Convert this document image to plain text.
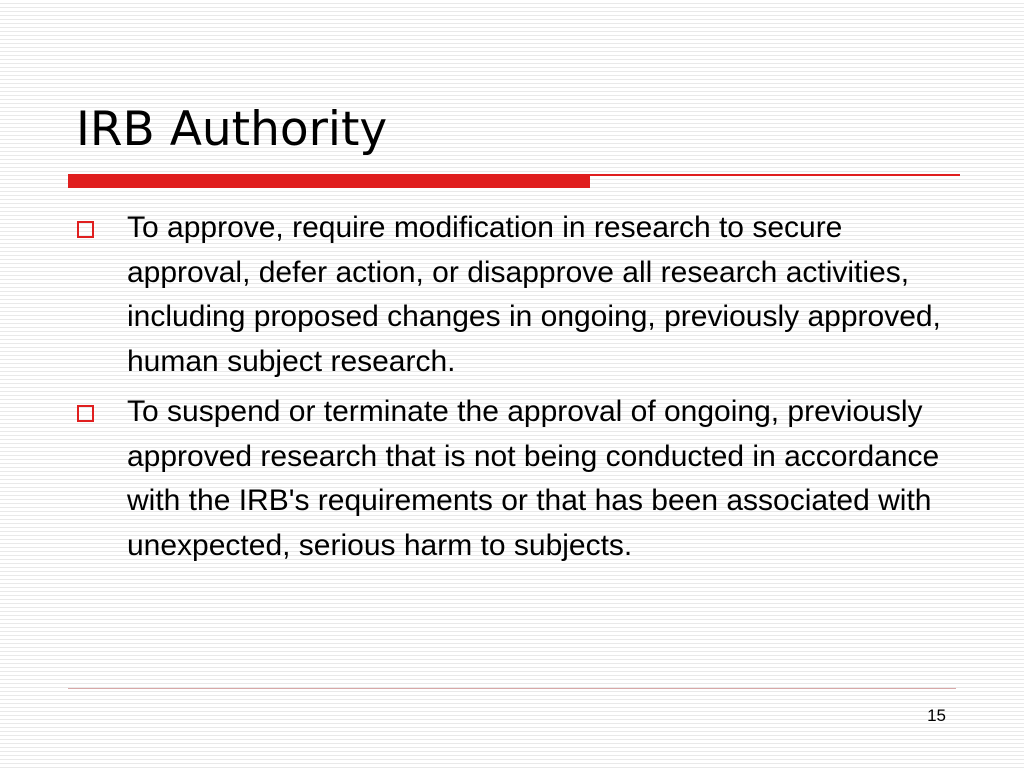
IRB Authority
To approve, require modification in research to secure approval, defer action, or disapprove all research activities, including proposed changes in ongoing, previously approved, human subject research.
To suspend or terminate the approval of ongoing, previously approved research that is not being conducted in accordance with the IRB's requirements or that has been associated with unexpected, serious harm to subjects.
15
